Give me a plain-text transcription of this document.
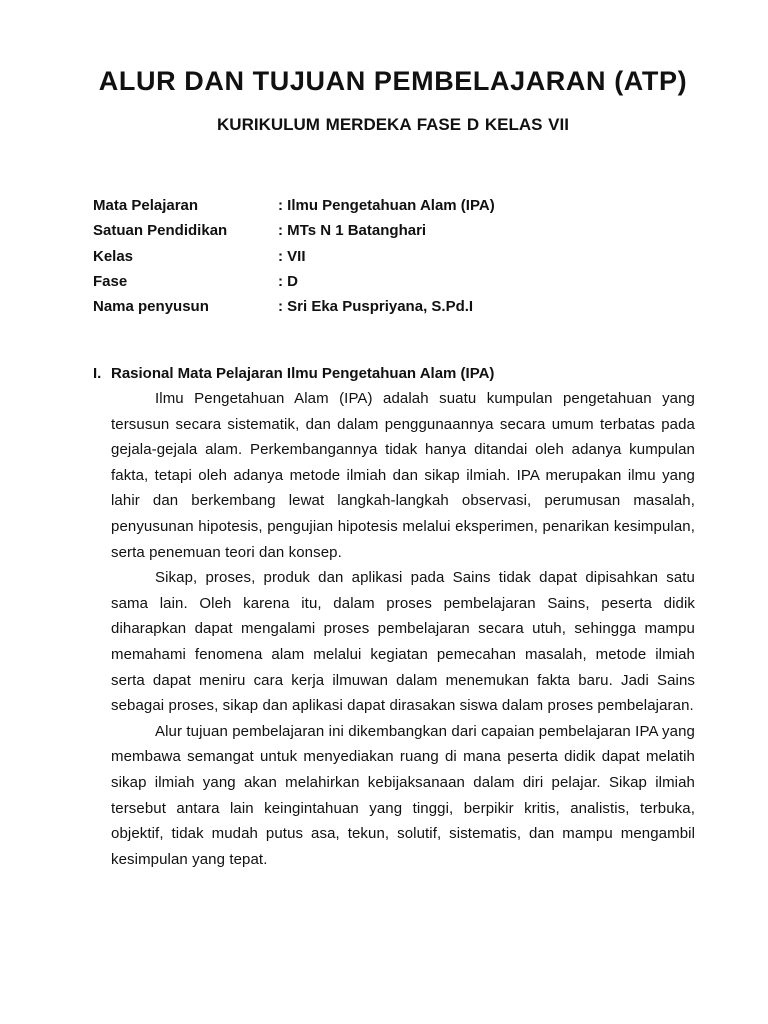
ALUR DAN TUJUAN PEMBELAJARAN (ATP)
KURIKULUM MERDEKA FASE D KELAS VII
Mata Pelajaran	: Ilmu Pengetahuan Alam (IPA)
Satuan Pendidikan	: MTs N 1 Batanghari
Kelas	: VII
Fase	: D
Nama penyusun	: Sri Eka Puspriyana, S.Pd.I
I. Rasional Mata Pelajaran Ilmu Pengetahuan Alam (IPA)

Ilmu Pengetahuan Alam (IPA) adalah suatu kumpulan pengetahuan yang tersusun secara sistematik, dan dalam penggunaannya secara umum terbatas pada gejala-gejala alam. Perkembangannya tidak hanya ditandai oleh adanya kumpulan fakta, tetapi oleh adanya metode ilmiah dan sikap ilmiah. IPA merupakan ilmu yang lahir dan berkembang lewat langkah-langkah observasi, perumusan masalah, penyusunan hipotesis, pengujian hipotesis melalui eksperimen, penarikan kesimpulan, serta penemuan teori dan konsep.

Sikap, proses, produk dan aplikasi pada Sains tidak dapat dipisahkan satu sama lain. Oleh karena itu, dalam proses pembelajaran Sains, peserta didik diharapkan dapat mengalami proses pembelajaran secara utuh, sehingga mampu memahami fenomena alam melalui kegiatan pemecahan masalah, metode ilmiah serta dapat meniru cara kerja ilmuwan dalam menemukan fakta baru. Jadi Sains sebagai proses, sikap dan aplikasi dapat dirasakan siswa dalam proses pembelajaran.

Alur tujuan pembelajaran ini dikembangkan dari capaian pembelajaran IPA yang membawa semangat untuk menyediakan ruang di mana peserta didik dapat melatih sikap ilmiah yang akan melahirkan kebijaksanaan dalam diri pelajar. Sikap ilmiah tersebut antara lain keingintahuan yang tinggi, berpikir kritis, analistis, terbuka, objektif, tidak mudah putus asa, tekun, solutif, sistematis, dan mampu mengambil kesimpulan yang tepat.
